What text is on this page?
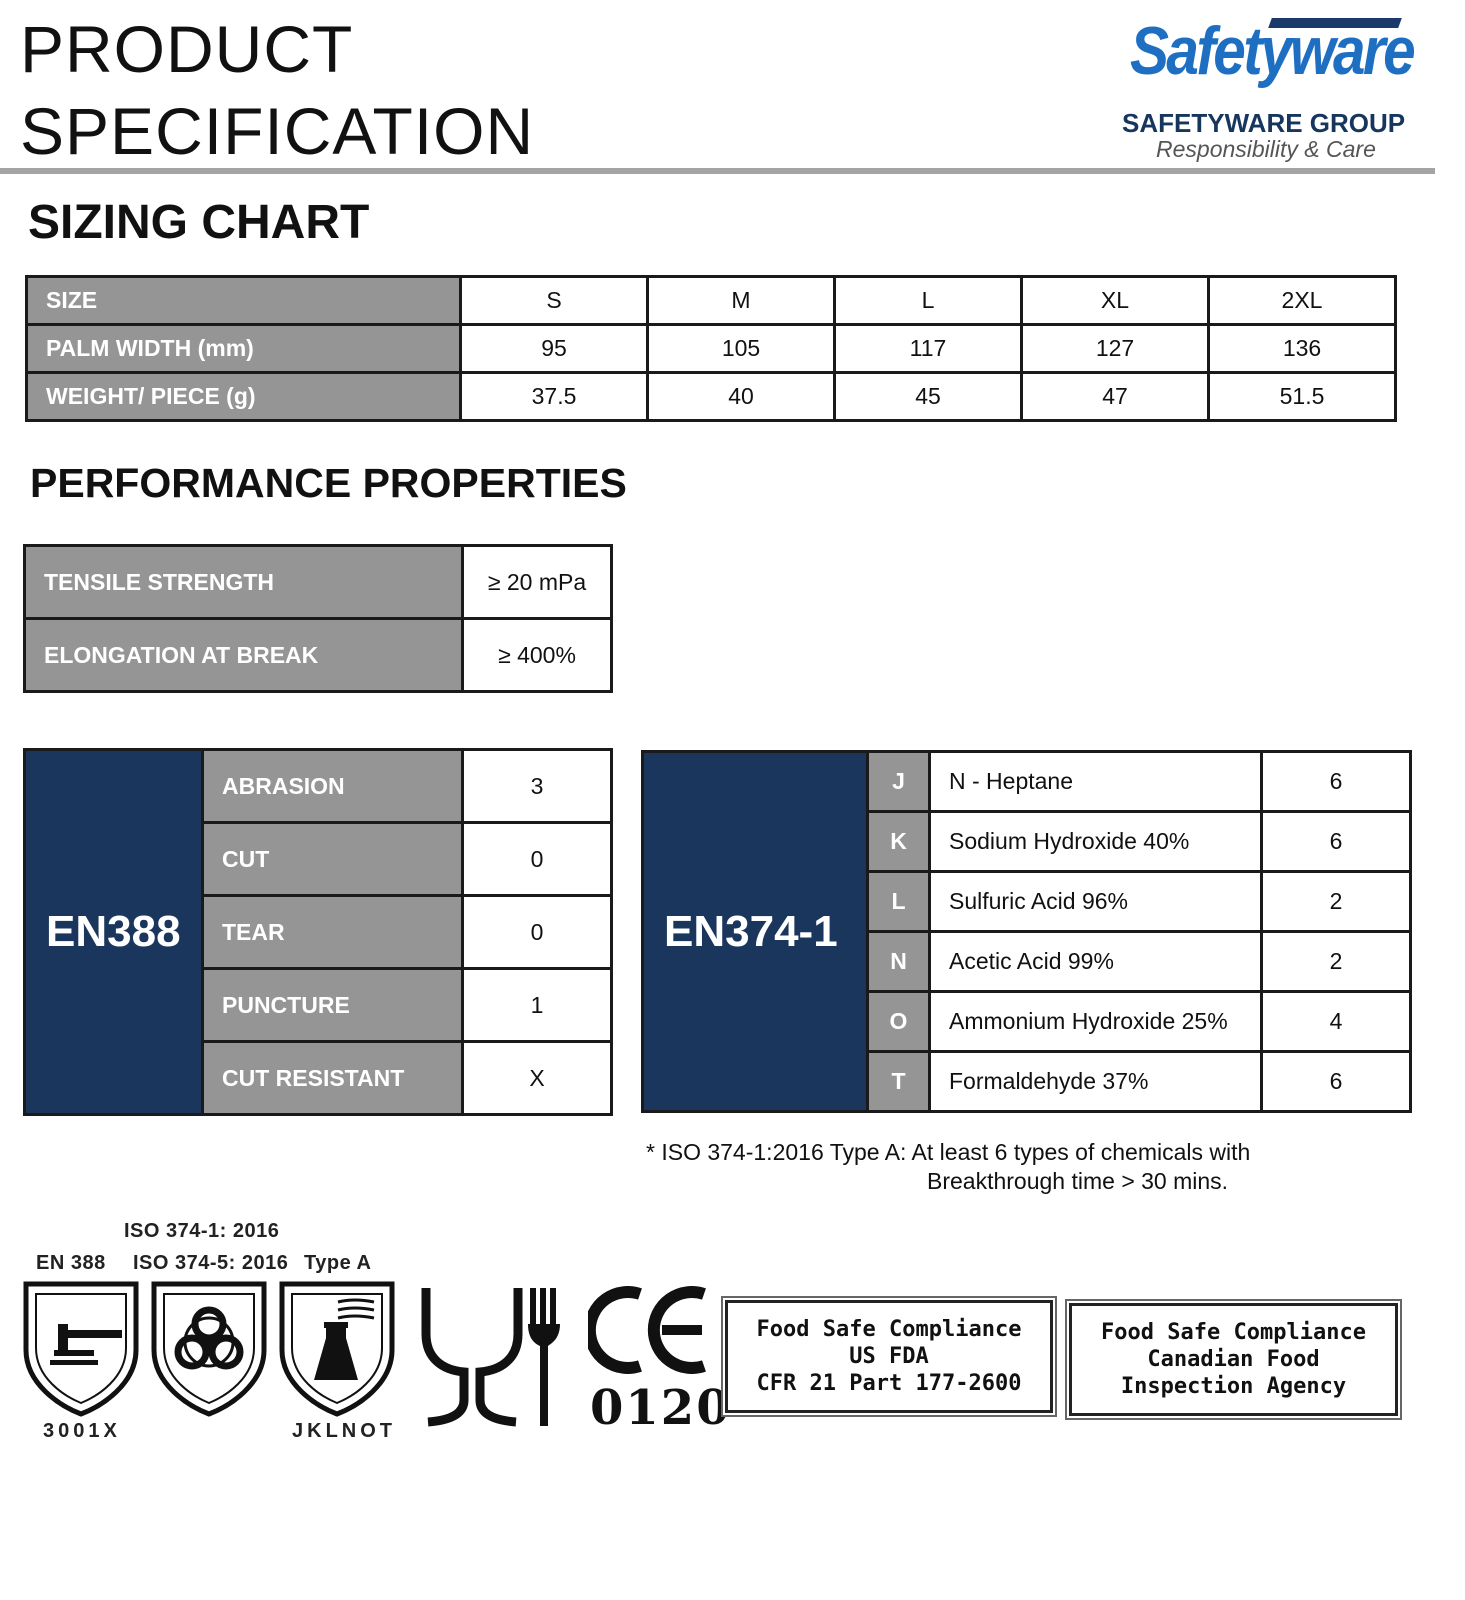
PRODUCT
SPECIFICATION
Safetyware
SAFETYWARE GROUP
Responsibility & Care
SIZING CHART
SIZE	S	M	L	XL	2XL
PALM WIDTH (mm)	95	105	117	127	136
WEIGHT/ PIECE (g)	37.5	40	45	47	51.5
PERFORMANCE PROPERTIES
TENSILE STRENGTH	≥ 20 mPa
ELONGATION AT BREAK	≥ 400%
EN388	ABRASION	3
	CUT	0
	TEAR	0
	PUNCTURE	1
	CUT RESISTANT	X
EN374-1	J	N - Heptane	6
	K	Sodium Hydroxide 40%	6
	L	Sulfuric Acid 96%	2
	N	Acetic Acid 99%	2
	O	Ammonium Hydroxide 25%	4
	T	Formaldehyde 37%	6
* ISO 374-1:2016 Type A: At least 6 types of chemicals with
Breakthrough time > 30 mins.
ISO 374-1: 2016
EN 388 ISO 374-5: 2016 Type A
3001X	JKLNOT	0120
Food Safe Compliance
US FDA
CFR 21 Part 177-2600
Food Safe Compliance
Canadian Food
Inspection Agency
